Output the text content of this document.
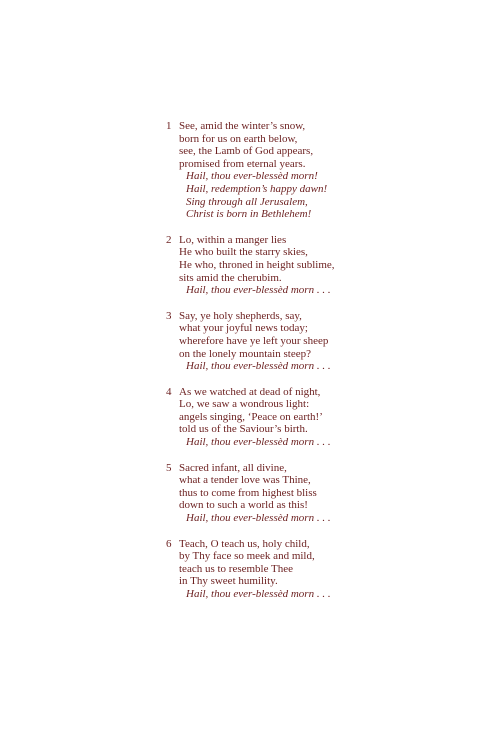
1 See, amid the winter’s snow,
born for us on earth below,
see, the Lamb of God appears,
promised from eternal years.
Hail, thou ever-blessèd morn!
Hail, redemption’s happy dawn!
Sing through all Jerusalem,
Christ is born in Bethlehem!
2 Lo, within a manger lies
He who built the starry skies,
He who, throned in height sublime,
sits amid the cherubim.
Hail, thou ever-blessèd morn . . .
3 Say, ye holy shepherds, say,
what your joyful news today;
wherefore have ye left your sheep
on the lonely mountain steep?
Hail, thou ever-blessèd morn . . .
4 As we watched at dead of night,
Lo, we saw a wondrous light:
angels singing, ‘Peace on earth!’
told us of the Saviour’s birth.
Hail, thou ever-blessèd morn . . .
5 Sacred infant, all divine,
what a tender love was Thine,
thus to come from highest bliss
down to such a world as this!
Hail, thou ever-blessèd morn . . .
6 Teach, O teach us, holy child,
by Thy face so meek and mild,
teach us to resemble Thee
in Thy sweet humility.
Hail, thou ever-blessèd morn . . .
